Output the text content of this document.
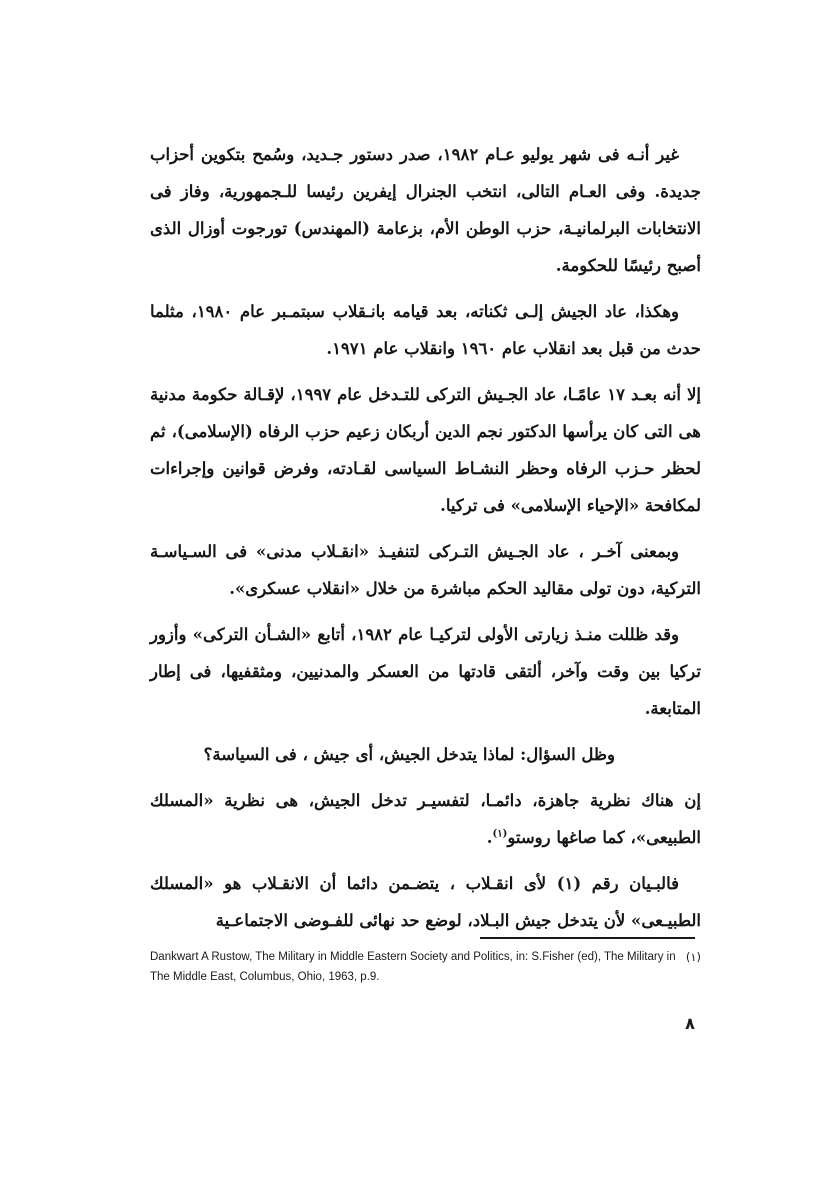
غير أنـه فى شهر يوليو عـام ١٩٨٢، صدر دستور جـديد، وسُمح بتكوين أحزاب جديدة. وفى العـام التالى، انتخب الجنرال إيفرين رئيسا للـجمهورية، وفاز فى الانتخابات البرلمانيـة، حزب الوطن الأم، بزعامة (المهندس) تورجوت أوزال الذى أصبح رئيسًا للحكومة.

وهكذا، عاد الجيش إلـى ثكناته، بعد قيامه بانـقلاب سبتمـبر عام ١٩٨٠، مثلما حدث من قبل بعد انقلاب عام ١٩٦٠ وانقلاب عام ١٩٧١.

إلا أنه بعـد ١٧ عامًـا، عاد الجـيش التركى للتـدخل عام ١٩٩٧، لإقـالة حكومة مدنية هى التى كان يرأسها الدكتور نجم الدين أربكان زعيم حزب الرفاه (الإسلامى)، ثم لحظر حـزب الرفاه وحظر النشـاط السياسى لقـادته، وفرض قوانين وإجراءات لمكافحة «الإحياء الإسلامى» فى تركيا.

وبمعنى آخـر ، عاد الجـيش التـركى لتنفيـذ «انقـلاب مدنى» فى السـياسـة التركية، دون تولى مقاليد الحكم مباشرة من خلال «انقلاب عسكرى».

وقد ظللت منـذ زيارتى الأولى لتركيـا عام ١٩٨٢، أتابع «الشـأن التركى» وأزور تركيا بين وقت وآخر، ألتقى قادتها من العسكر والمدنيين، ومثقفيها، فى إطار المتابعة.

وظل السؤال: لماذا يتدخل الجيش، أى جيش ، فى السياسة؟

إن هناك نظرية جاهزة، دائمـا، لتفسيـر تدخل الجيش، هى نظرية «المسلك الطبيعى»، كما صاغها روستو$^{(١)}$.

فالبـيان رقم (١) لأى انقـلاب ، يتضـمن دائما أن الانقـلاب هو «المسلك الطبيـعى» لأن يتدخل جيش البـلاد، لوضع حد نهائى للفـوضى الاجتماعـية

(١)
Dankwart A Rustow, The Military in Middle Eastern Society and Politics, in: S.Fisher (ed), The Military in The Middle East, Columbus, Ohio, 1963, p.9.
٨
